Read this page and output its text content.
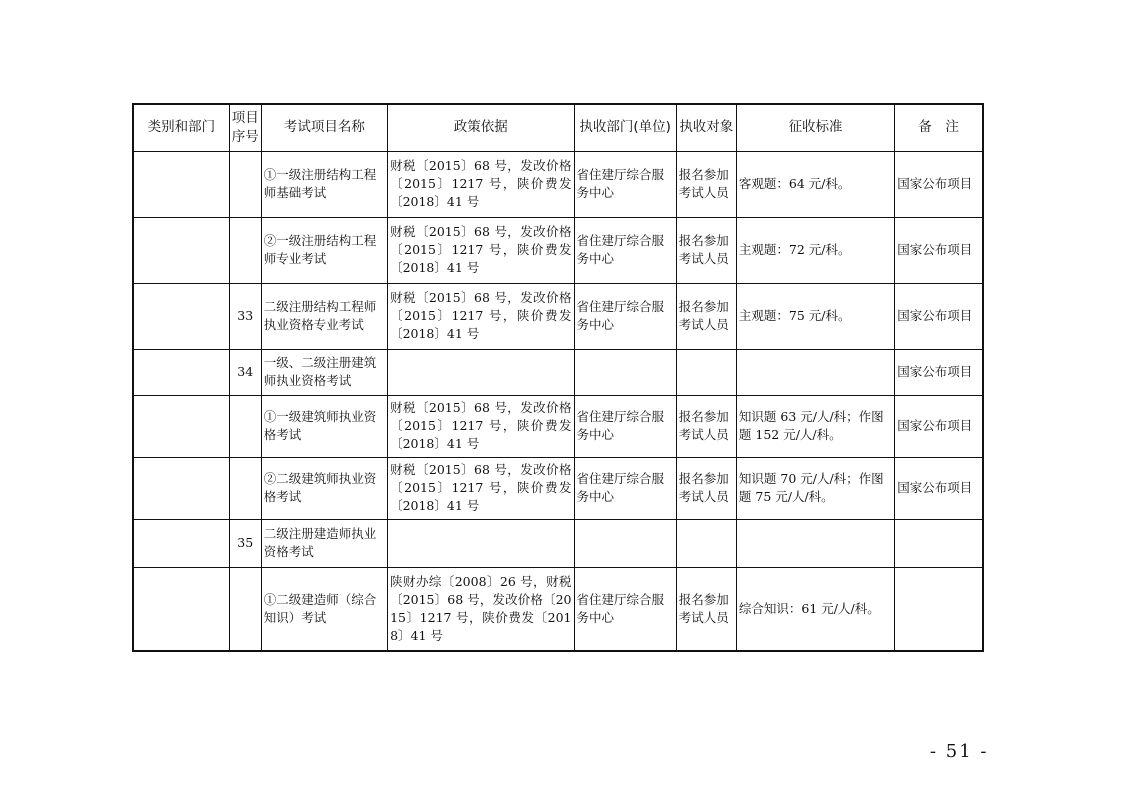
类别和部门	项目序号	考试项目名称	政策依据	执收部门(单位)	执收对象	征收标准	备　注
		①一级注册结构工程师基础考试	财税〔2015〕68 号，发改价格〔2015〕1217 号，陕价费发〔2018〕41 号	省住建厅综合服务中心	报名参加考试人员	客观题：64 元/科。	国家公布项目
		②一级注册结构工程师专业考试	财税〔2015〕68 号，发改价格〔2015〕1217 号，陕价费发〔2018〕41 号	省住建厅综合服务中心	报名参加考试人员	主观题：72 元/科。	国家公布项目
	33	二级注册结构工程师执业资格专业考试	财税〔2015〕68 号，发改价格〔2015〕1217 号，陕价费发〔2018〕41 号	省住建厅综合服务中心	报名参加考试人员	主观题：75 元/科。	国家公布项目
	34	一级、二级注册建筑师执业资格考试					国家公布项目
		①一级建筑师执业资格考试	财税〔2015〕68 号，发改价格〔2015〕1217 号，陕价费发〔2018〕41 号	省住建厅综合服务中心	报名参加考试人员	知识题 63 元/人/科；作图题 152 元/人/科。	国家公布项目
		②二级建筑师执业资格考试	财税〔2015〕68 号，发改价格〔2015〕1217 号，陕价费发〔2018〕41 号	省住建厅综合服务中心	报名参加考试人员	知识题 70 元/人/科；作图题 75 元/人/科。	国家公布项目
	35	二级注册建造师执业资格考试					
		①二级建造师（综合知识）考试	陕财办综〔2008〕26 号，财税〔2015〕68 号，发改价格〔2015〕1217 号，陕价费发〔2018〕41 号	省住建厅综合服务中心	报名参加考试人员	综合知识：61 元/人/科。	
- 51 -
